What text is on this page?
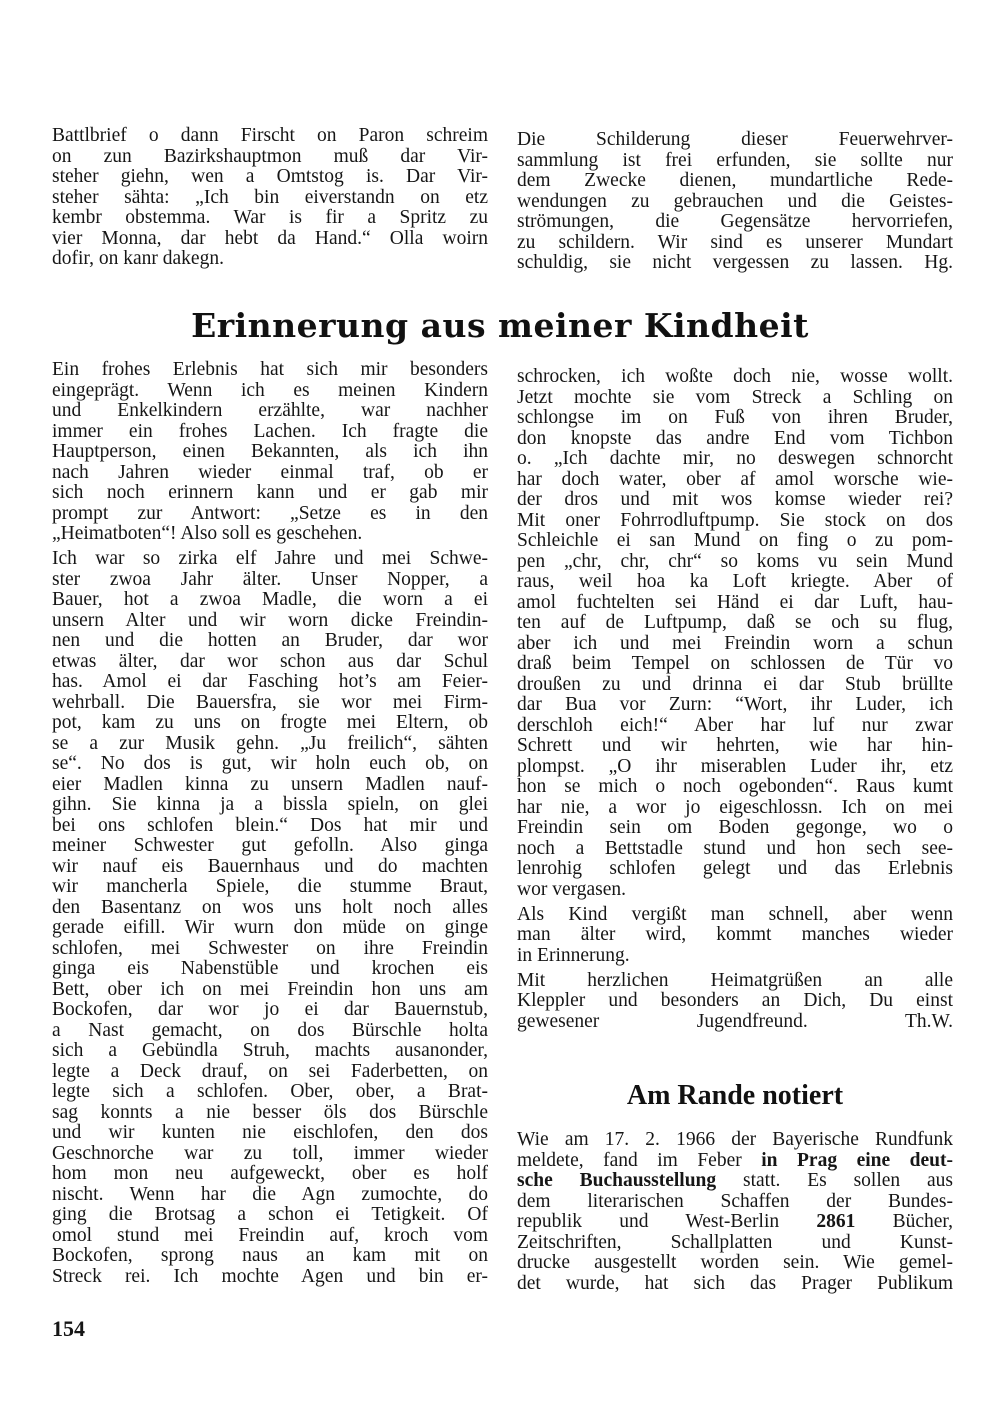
Battlbrief o dann Firscht on Paron schreim
on zun Bazirkshauptmon muß dar Vir-
steher giehn, wen a Omtstog is. Dar Vir-
steher sähta: „Ich bin eiverstandn on etz
kembr obstemma. War is fir a Spritz zu
vier Monna, dar hebt da Hand.“ Olla woirn
dofir, on kanr dakegn.
Die Schilderung dieser Feuerwehrver-
sammlung ist frei erfunden, sie sollte nur
dem Zwecke dienen, mundartliche Rede-
wendungen zu gebrauchen und die Geistes-
strömungen, die Gegensätze hervorriefen,
zu schildern. Wir sind es unserer Mundart
schuldig, sie nicht vergessen zu lassen. Hg.
Erinnerung aus meiner Kindheit
Ein frohes Erlebnis hat sich mir besonders
eingeprägt. Wenn ich es meinen Kindern
und Enkelkindern erzählte, war nachher
immer ein frohes Lachen. Ich fragte die
Hauptperson, einen Bekannten, als ich ihn
nach Jahren wieder einmal traf, ob er
sich noch erinnern kann und er gab mir
prompt zur Antwort: „Setze es in den
„Heimatboten“! Also soll es geschehen.
Ich war so zirka elf Jahre und mei Schwe-
ster zwoa Jahr älter. Unser Nopper, a
Bauer, hot a zwoa Madle, die worn a ei
unsern Alter und wir worn dicke Freindin-
nen und die hotten an Bruder, dar wor
etwas älter, dar wor schon aus dar Schul
has. Amol ei dar Fasching hot’s am Feier-
wehrball. Die Bauersfra, sie wor mei Firm-
pot, kam zu uns on frogte mei Eltern, ob
se a zur Musik gehn. „Ju freilich“, sähten
se“. No dos is gut, wir holn euch ob, on
eier Madlen kinna zu unsern Madlen nauf-
gihn. Sie kinna ja a bissla spieln, on glei
bei ons schlofen blein.“ Dos hat mir und
meiner Schwester gut gefolln. Also ginga
wir nauf eis Bauernhaus und do machten
wir mancherla Spiele, die stumme Braut,
den Basentanz on wos uns holt noch alles
gerade eifill. Wir wurn don müde on ginge
schlofen, mei Schwester on ihre Freindin
ginga eis Nabenstüble und krochen eis
Bett, ober ich on mei Freindin hon uns am
Bockofen, dar wor jo ei dar Bauernstub,
a Nast gemacht, on dos Bürschle holta
sich a Gebündla Struh, machts ausanonder,
legte a Deck drauf, on sei Faderbetten, on
legte sich a schlofen. Ober, ober, a Brat-
sag konnts a nie besser öls dos Bürschle
und wir kunten nie eischlofen, den dos
Geschnorche war zu toll, immer wieder
hom mon neu aufgeweckt, ober es holf
nischt. Wenn har die Agn zumochte, do
ging die Brotsag a schon ei Tetigkeit. Of
omol stund mei Freindin auf, kroch vom
Bockofen, sprong naus an kam mit on
Streck rei. Ich mochte Agen und bin er-
schrocken, ich woßte doch nie, wosse wollt.
Jetzt mochte sie vom Streck a Schling on
schlongse im on Fuß von ihren Bruder,
don knopste das andre End vom Tichbon
o. „Ich dachte mir, no deswegen schnorcht
har doch water, ober af amol worsche wie-
der dros und mit wos komse wieder rei?
Mit oner Fohrrodluftpump. Sie stock on dos
Schleichle ei san Mund on fing o zu pom-
pen „chr, chr, chr“ so koms vu sein Mund
raus, weil hoa ka Loft kriegte. Aber of
amol fuchtelten sei Händ ei dar Luft, hau-
ten auf de Luftpump, daß se och su flug,
aber ich und mei Freindin worn a schun
draß beim Tempel on schlossen de Tür vo
droußen zu und drinna ei dar Stub brüllte
dar Bua vor Zurn: “Wort, ihr Luder, ich
derschloh eich!“ Aber har luf nur zwar
Schrett und wir hehrten, wie har hin-
plompst. „O ihr miserablen Luder ihr, etz
hon se mich o noch ogebonden“. Raus kumt
har nie, a wor jo eigeschlossn. Ich on mei
Freindin sein om Boden gegonge, wo o
noch a Bettstadle stund und hon sech see-
lenrohig schlofen gelegt und das Erlebnis
wor vergasen.
Als Kind vergißt man schnell, aber wenn
man älter wird, kommt manches wieder
in Erinnerung.
Mit herzlichen Heimatgrüßen an alle
Kleppler und besonders an Dich, Du einst
gewesener Jugendfreund. Th.W.
Am Rande notiert
Wie am 17. 2. 1966 der Bayerische Rundfunk
meldete, fand im Feber in Prag eine deut-
sche Buchausstellung statt. Es sollen aus
dem literarischen Schaffen der Bundes-
republik und West-Berlin 2861 Bücher,
Zeitschriften, Schallplatten und Kunst-
drucke ausgestellt worden sein. Wie gemel-
det wurde, hat sich das Prager Publikum
154
